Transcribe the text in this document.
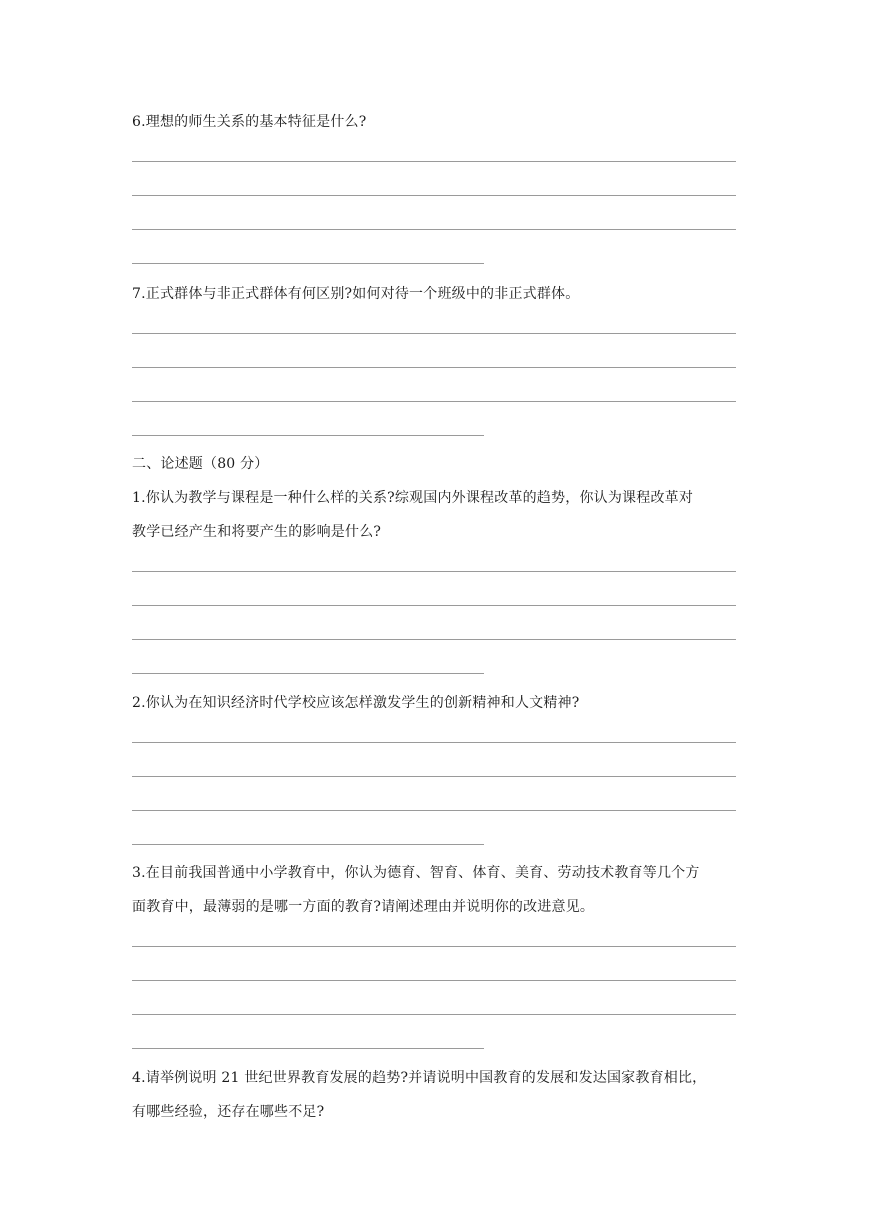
6.理想的师生关系的基本特征是什么?

7.正式群体与非正式群体有何区别?如何对待一个班级中的非正式群体。

二、论述题（80 分）

1.你认为教学与课程是一种什么样的关系?综观国内外课程改革的趋势，你认为课程改革对

教学已经产生和将要产生的影响是什么?

2.你认为在知识经济时代学校应该怎样激发学生的创新精神和人文精神?

3.在目前我国普通中小学教育中，你认为德育、智育、体育、美育、劳动技术教育等几个方

面教育中，最薄弱的是哪一方面的教育?请阐述理由并说明你的改进意见。

4.请举例说明 21 世纪世界教育发展的趋势?并请说明中国教育的发展和发达国家教育相比，

有哪些经验，还存在哪些不足?
